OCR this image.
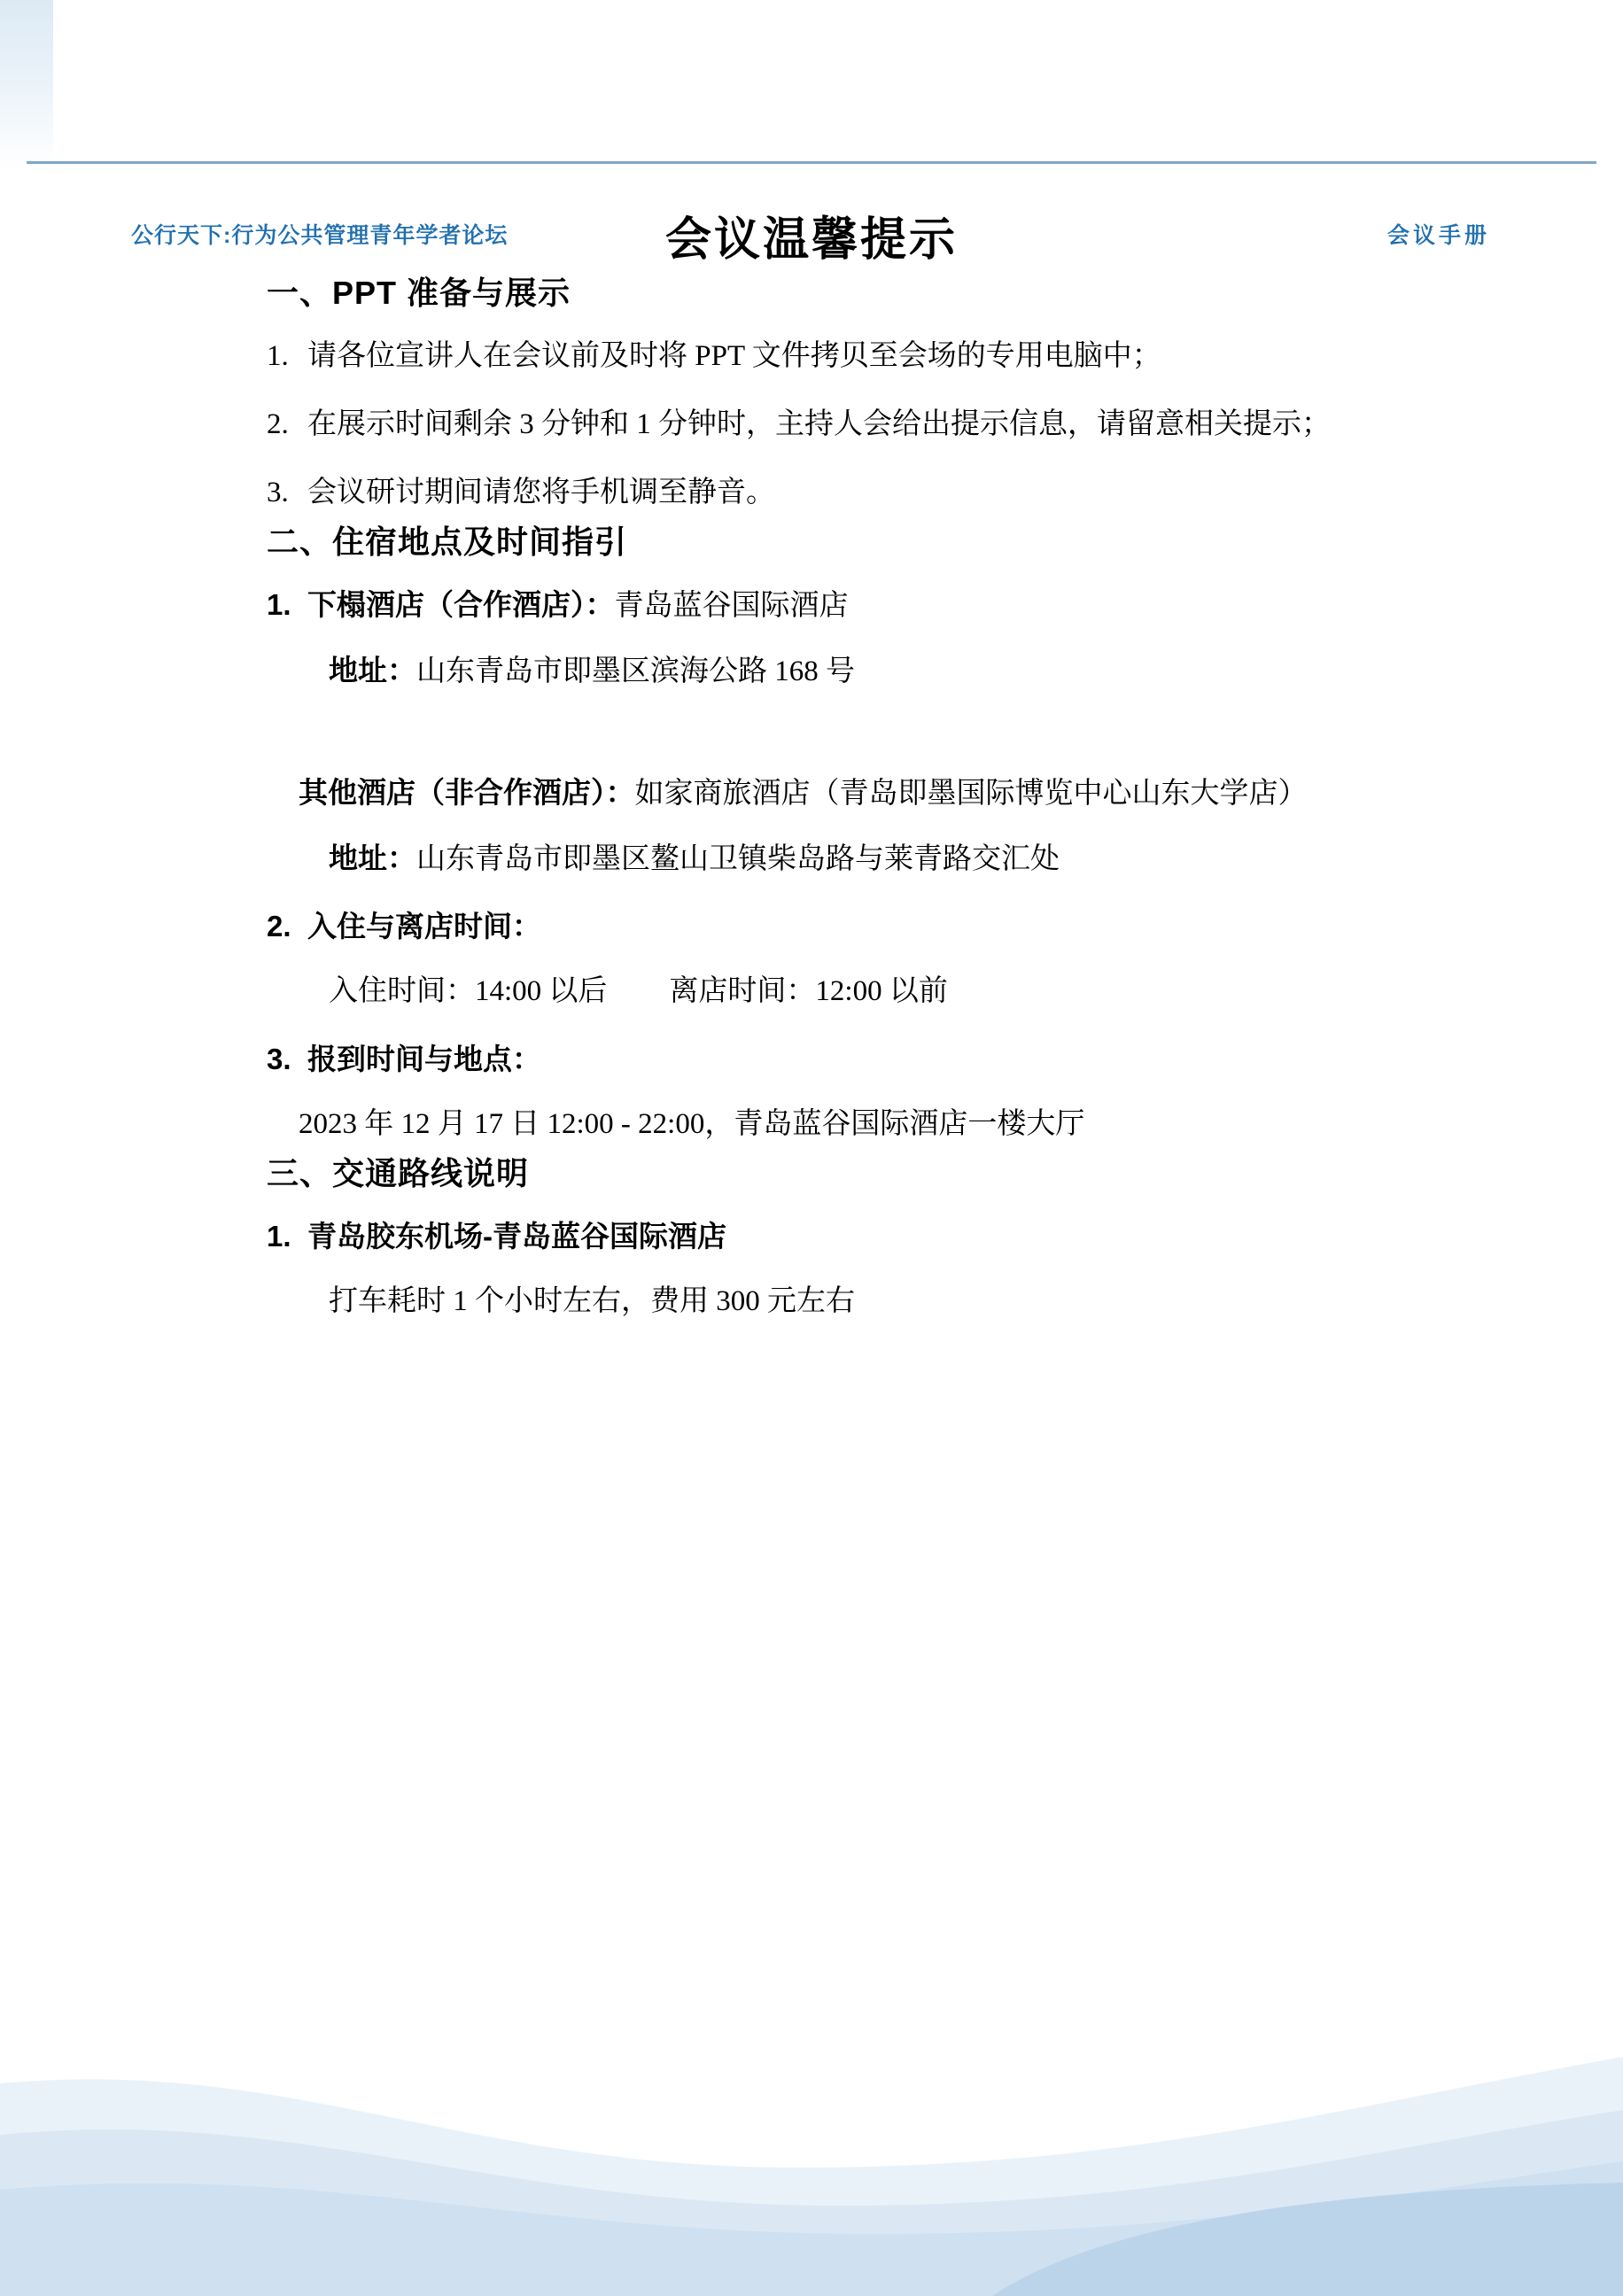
公行天下:行为公共管理青年学者论坛	会议手册
会议温馨提示
一、PPT 准备与展示
1. 请各位宣讲人在会议前及时将 PPT 文件拷贝至会场的专用电脑中；
2. 在展示时间剩余 3 分钟和 1 分钟时，主持人会给出提示信息，请留意相关提示；
3. 会议研讨期间请您将手机调至静音。
二、住宿地点及时间指引
1. 下榻酒店（合作酒店）：青岛蓝谷国际酒店
地址：山东青岛市即墨区滨海公路 168 号
其他酒店（非合作酒店）：如家商旅酒店（青岛即墨国际博览中心山东大学店）
地址：山东青岛市即墨区鳌山卫镇柴岛路与莱青路交汇处
2. 入住与离店时间：
入住时间：14:00 以后 离店时间：12:00 以前
3. 报到时间与地点：
2023 年 12 月 17 日 12:00 - 22:00，青岛蓝谷国际酒店一楼大厅
三、交通路线说明
1. 青岛胶东机场-青岛蓝谷国际酒店
打车耗时 1 个小时左右，费用 300 元左右
